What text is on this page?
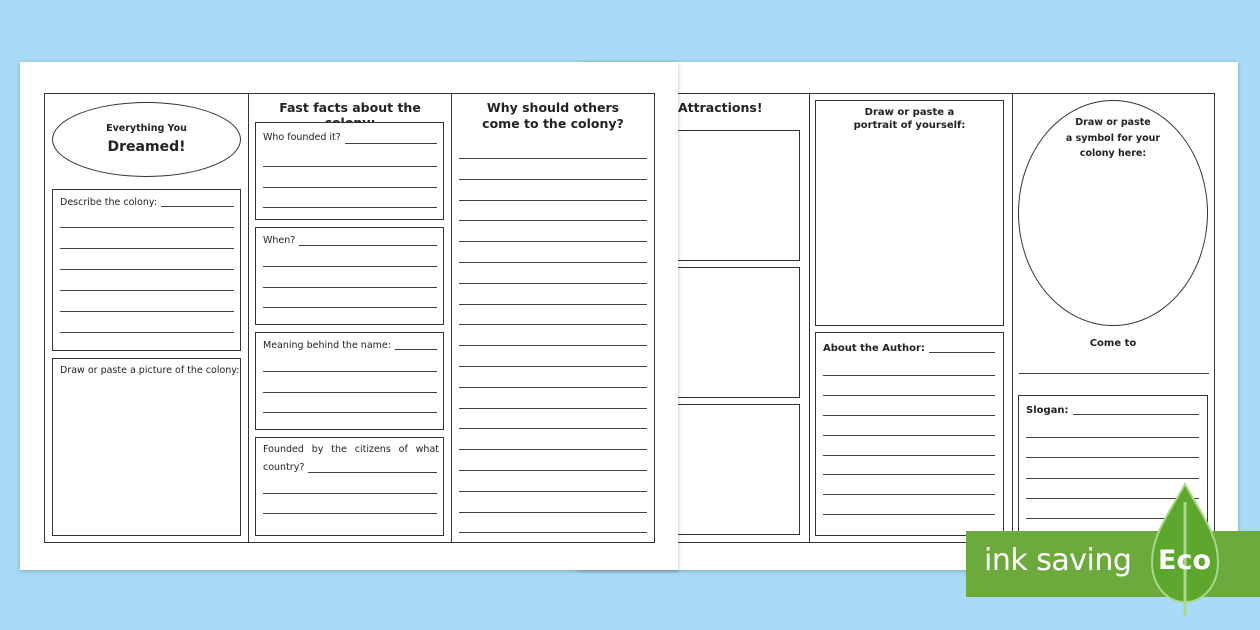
Attractions!	Draw or paste a
portrait of yourself:
About the Author:
Draw or paste
a symbol for your
colony here:
Come to
Slogan:
Everything You
Dreamed!
Describe the colony:
Draw or paste a picture of the colony:
Fast facts about the
Who founded it?
When?
Meaning behind the name:
Founded by the citizens of what
country?
Why should others
come to the colony?
ink saving Eco
